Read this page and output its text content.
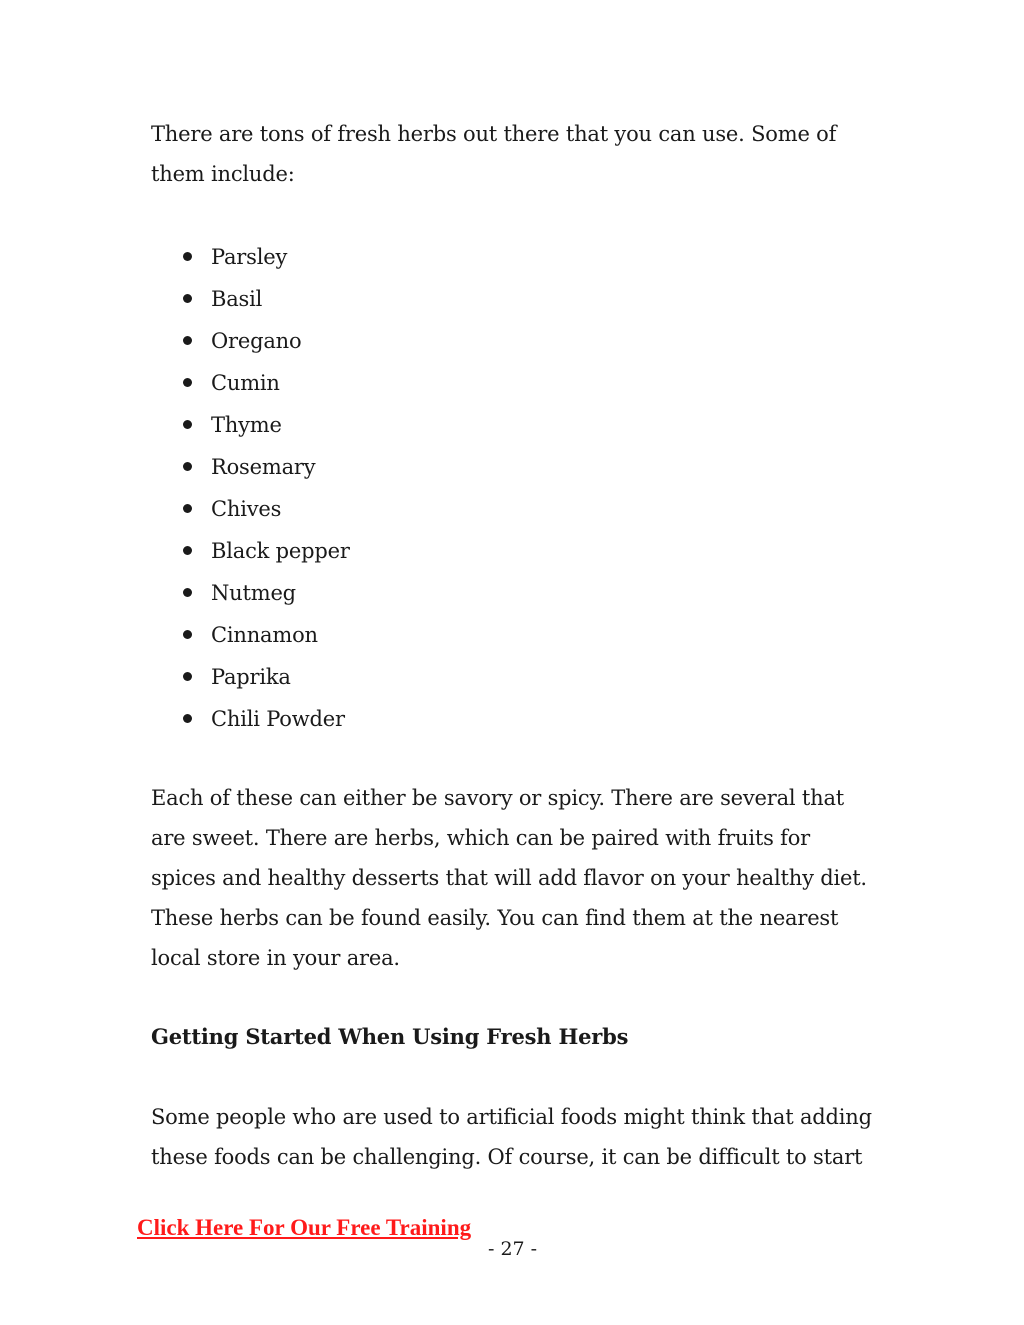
There are tons of fresh herbs out there that you can use. Some of them include:

Parsley
Basil
Oregano
Cumin
Thyme
Rosemary
Chives
Black pepper
Nutmeg
Cinnamon
Paprika
Chili Powder

Each of these can either be savory or spicy. There are several that are sweet. There are herbs, which can be paired with fruits for spices and healthy desserts that will add flavor on your healthy diet. These herbs can be found easily. You can find them at the nearest local store in your area.

Getting Started When Using Fresh Herbs

Some people who are used to artificial foods might think that adding these foods can be challenging. Of course, it can be difficult to start

Click Here For Our Free Training
- 27 -
